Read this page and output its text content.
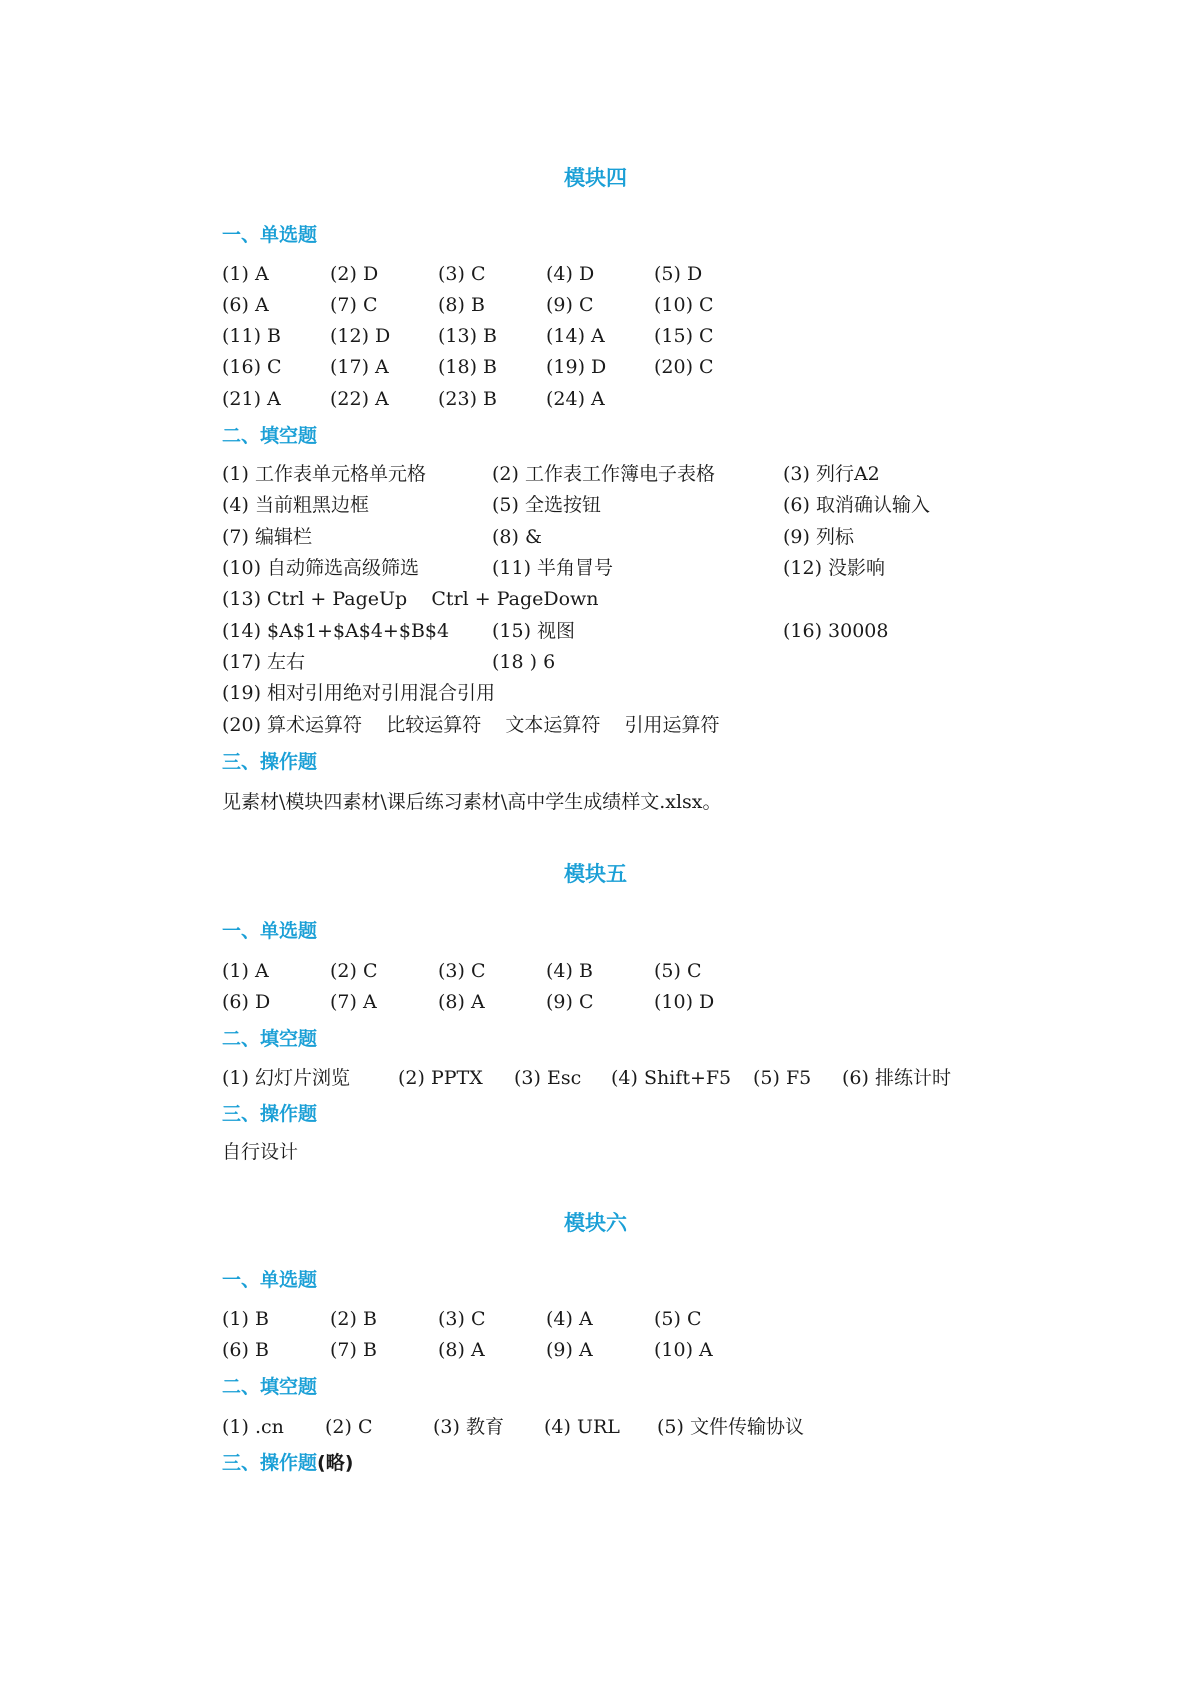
模块四
一、单选题
(1) A	(2) D	(3) C	(4) D	(5) D
(6) A	(7) C	(8) B	(9) C	(10) C
(11) B	(12) D	(13) B	(14) A	(15) C
(16) C	(17) A	(18) B	(19) D	(20) C
(21) A	(22) A	(23) B	(24) A
二、填空题
(1) 工作表单元格单元格	(2) 工作表工作簿电子表格	(3) 列行A2
(4) 当前粗黑边框	(5) 全选按钮	(6) 取消确认输入
(7) 编辑栏	(8) &	(9) 列标
(10) 自动筛选高级筛选	(11) 半角冒号	(12) 没影响
(13) Ctrl + PageUp    Ctrl + PageDown
(14) $A$1+$A$4+$B$4 (15) 视图	(16) 30008
(17) 左右	(18 ) 6
(19) 相对引用绝对引用混合引用
(20) 算术运算符    比较运算符    文本运算符    引用运算符
三、操作题

见素材\模块四素材\课后练习素材\高中学生成绩样文.xlsx。

模块五
一、单选题
(1) A	(2) C	(3) C	(4) B	(5) C
(6) D	(7) A	(8) A	(9) C	(10) D
二、填空题
(1) 幻灯片浏览	(2) PPTX (3) Esc (4) Shift+F5 (5) F5 (6) 排练计时
三、操作题

自行设计

模块六
一、单选题
(1) B	(2) B	(3) C	(4) A	(5) C
(6) B	(7) B	(8) A	(9) A	(10) A
二、填空题
(1) .cn (2) C	(3) 教育 (4) URL (5) 文件传输协议
三、操作题(略)
